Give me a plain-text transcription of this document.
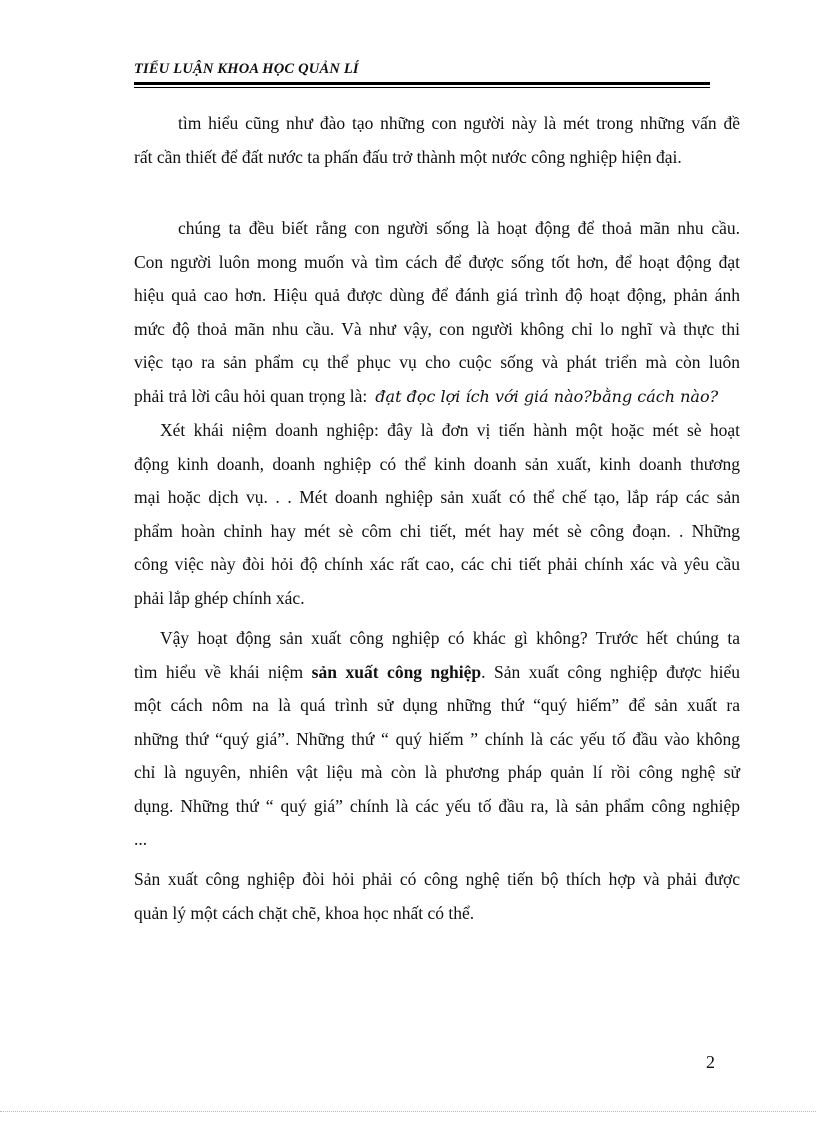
TIỂU LUẬN KHOA HỌC QUẢN LÍ
tìm hiểu cũng như đào tạo những con người này là mét trong những vấn đề
rất cần thiết để đất nước ta phấn đấu trở thành một nước công nghiệp hiện đại.
chúng ta đều biết rằng con người sống là hoạt động để thoả mãn nhu cầu.
Con người luôn mong muốn và tìm cách để được sống tốt hơn, để hoạt động đạt
hiệu quả cao hơn. Hiệu quả được dùng để đánh giá trình độ hoạt động, phản ánh
mức độ thoả mãn nhu cầu. Và như vậy, con người không chỉ lo nghĩ và thực thi
việc tạo ra sản phẩm cụ thể phục vụ cho cuộc sống và phát triển mà còn luôn
phải trả lời câu hỏi quan trọng là: đạt đọc lợi ích với giá nào?bằng cách nào?
Xét khái niệm doanh nghiệp: đây là đơn vị tiến hành một hoặc mét sè hoạt
động kinh doanh, doanh nghiệp có thể kinh doanh sản xuất, kinh doanh thương
mại hoặc dịch vụ. . . Mét doanh nghiệp sản xuất có thể chế tạo, lắp ráp các sản
phẩm hoàn chỉnh hay mét sè côm chi tiết, mét hay mét sè công đoạn. . Những
công việc này đòi hỏi độ chính xác rất cao, các chi tiết phải chính xác và yêu cầu
phải lắp ghép chính xác.
Vậy hoạt động sản xuất công nghiệp có khác gì không? Trước hết chúng ta
tìm hiểu về khái niệm sản xuất công nghiệp. Sản xuất công nghiệp được hiểu
một cách nôm na là quá trình sử dụng những thứ “quý hiếm” để sản xuất ra
những thứ “quý giá”. Những thứ “ quý hiếm ” chính là các yếu tố đầu vào không
chỉ là nguyên, nhiên vật liệu mà còn là phương pháp quản lí rồi công nghệ sử
dụng. Những thứ “ quý giá” chính là các yếu tố đầu ra, là sản phẩm công nghiệp
...
Sản xuất công nghiệp đòi hỏi phải có công nghệ tiến bộ thích hợp và phải được
quản lý một cách chặt chẽ, khoa học nhất có thể.
2
